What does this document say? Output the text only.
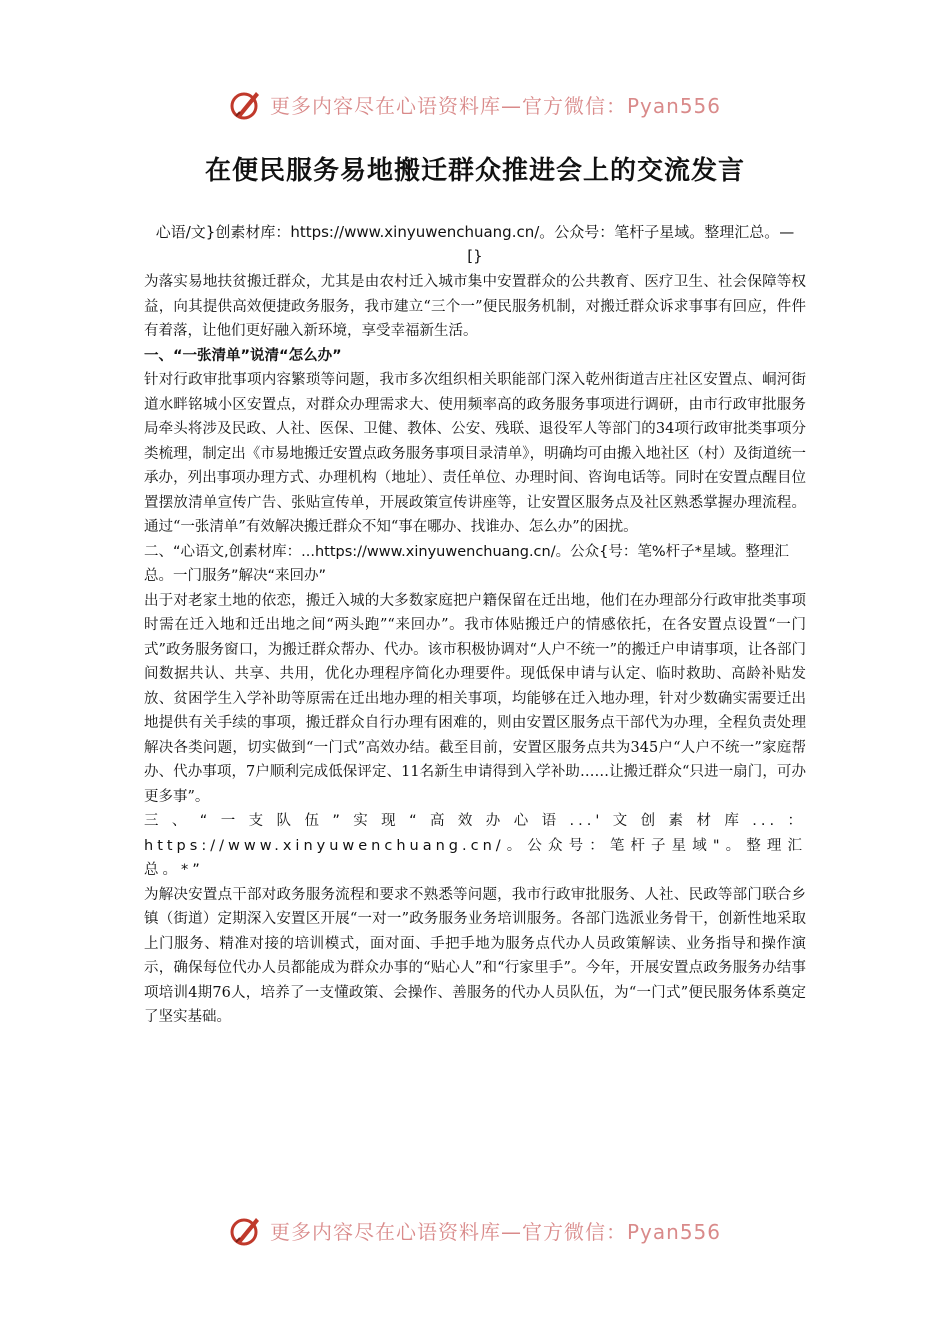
更多内容尽在心语资料库—官方微信：Pyan556
在便民服务易地搬迁群众推进会上的交流发言

心语/文}创素材库：https://www.xinyuwenchuang.cn/。公众号：笔杆子星域。整理汇总。—[}

为落实易地扶贫搬迁群众，尤其是由农村迁入城市集中安置群众的公共教育、医疗卫生、社会保障等权益，向其提供高效便捷政务服务，我市建立“三个一”便民服务机制，对搬迁群众诉求事事有回应，件件有着落，让他们更好融入新环境，享受幸福新生活。

一、“一张清单”说清“怎么办”

针对行政审批事项内容繁琐等问题，我市多次组织相关职能部门深入乾州街道吉庄社区安置点、峒河街道水畔铭城小区安置点，对群众办理需求大、使用频率高的政务服务事项进行调研，由市行政审批服务局牵头将涉及民政、人社、医保、卫健、教体、公安、残联、退役军人等部门的34项行政审批类事项分类梳理，制定出《市易地搬迁安置点政务服务事项目录清单》，明确均可由搬入地社区（村）及街道统一承办，列出事项办理方式、办理机构（地址）、责任单位、办理时间、咨询电话等。同时在安置点醒目位置摆放清单宣传广告、张贴宣传单，开展政策宣传讲座等，让安置区服务点及社区熟悉掌握办理流程。通过“一张清单”有效解决搬迁群众不知“事在哪办、找谁办、怎么办”的困扰。

二、“心语文,创素材库：...https://www.xinyuwenchuang.cn/。公众{号：笔%杆子*星域。整理汇总。一门服务”解决“来回办”

出于对老家土地的依恋，搬迁入城的大多数家庭把户籍保留在迁出地，他们在办理部分行政审批类事项时需在迁入地和迁出地之间“两头跑”“来回办”。我市体贴搬迁户的情感依托，在各安置点设置“一门式”政务服务窗口，为搬迁群众帮办、代办。该市积极协调对“人户不统一”的搬迁户申请事项，让各部门间数据共认、共享、共用，优化办理程序简化办理要件。现低保申请与认定、临时救助、高龄补贴发放、贫困学生入学补助等原需在迁出地办理的相关事项，均能够在迁入地办理，针对少数确实需要迁出地提供有关手续的事项，搬迁群众自行办理有困难的，则由安置区服务点干部代为办理，全程负责处理解决各类问题，切实做到“一门式”高效办结。截至目前，安置区服务点共为345户“人户不统一”家庭帮办、代办事项，7户顺利完成低保评定、11名新生申请得到入学补助……让搬迁群众“只进一扇门，可办更多事”。

三、“一支队伍”实现“高效办心语...'文创素材库...：https://www.xinyuwenchuang.cn/。公众号：笔杆子星域"。整理汇总。*”

为解决安置点干部对政务服务流程和要求不熟悉等问题，我市行政审批服务、人社、民政等部门联合乡镇（街道）定期深入安置区开展“一对一”政务服务业务培训服务。各部门选派业务骨干，创新性地采取上门服务、精准对接的培训模式，面对面、手把手地为服务点代办人员政策解读、业务指导和操作演示，确保每位代办人员都能成为群众办事的“贴心人”和“行家里手”。今年，开展安置点政务服务办结事项培训4期76人，培养了一支懂政策、会操作、善服务的代办人员队伍，为“一门式”便民服务体系奠定了坚实基础。

更多内容尽在心语资料库—官方微信：Pyan556
